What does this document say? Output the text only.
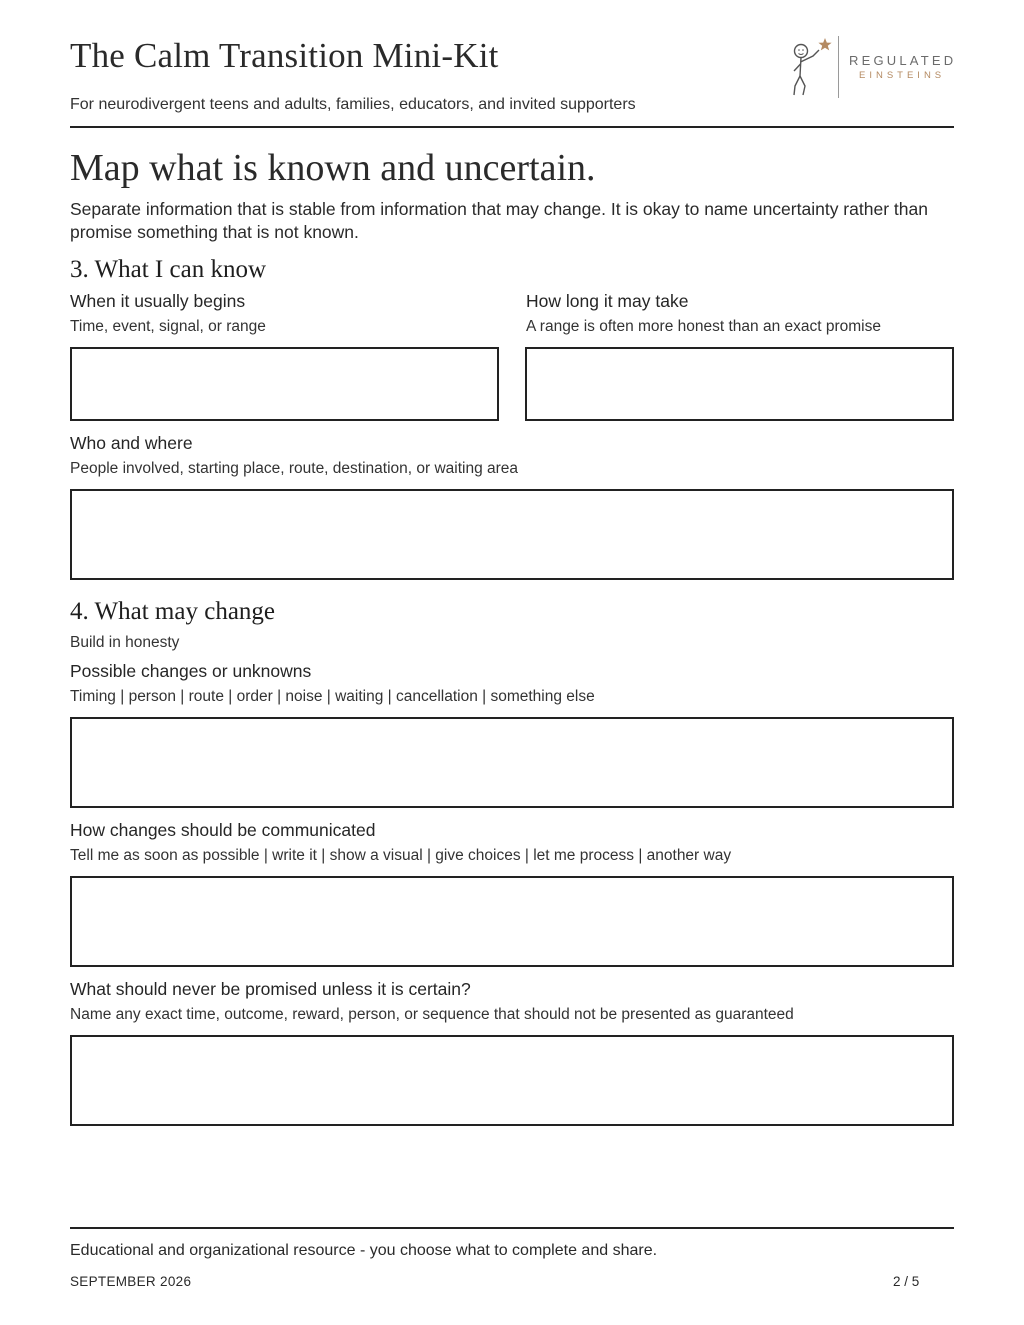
The Calm Transition Mini-Kit
For neurodivergent teens and adults, families, educators, and invited supporters
REGULATED
EINSTEINS
Map what is known and uncertain.
Separate information that is stable from information that may change. It is okay to name uncertainty rather than promise something that is not known.
3. What I can know
When it usually begins
Time, event, signal, or range
How long it may take
A range is often more honest than an exact promise
Who and where
People involved, starting place, route, destination, or waiting area
4. What may change
Build in honesty
Possible changes or unknowns
Timing | person | route | order | noise | waiting | cancellation | something else
How changes should be communicated
Tell me as soon as possible | write it | show a visual | give choices | let me process | another way
What should never be promised unless it is certain?
Name any exact time, outcome, reward, person, or sequence that should not be presented as guaranteed
Educational and organizational resource - you choose what to complete and share.
SEPTEMBER 2026	2 / 5
